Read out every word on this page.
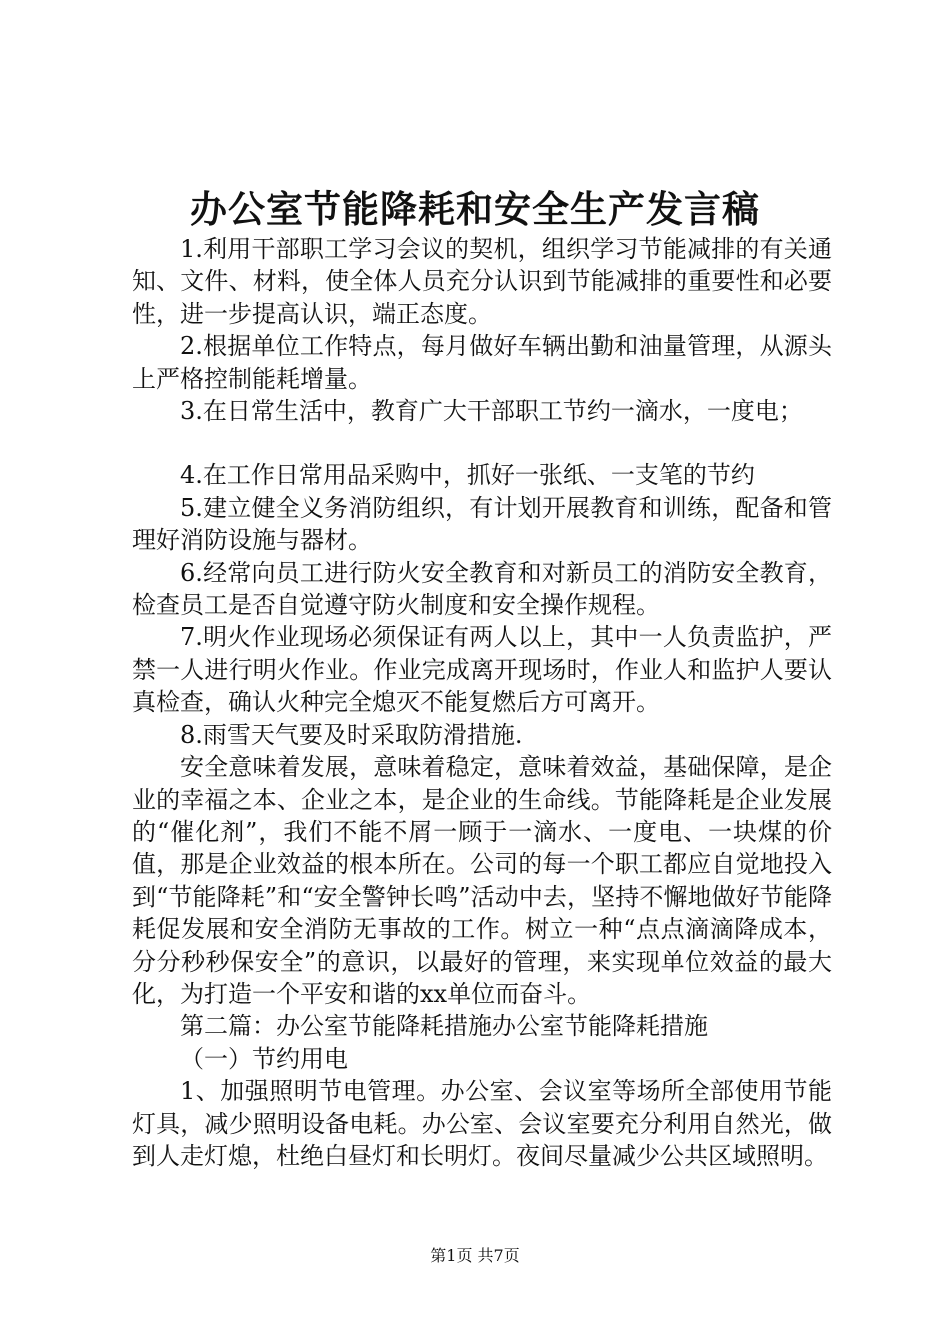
办公室节能降耗和安全生产发言稿

1.利用干部职工学习会议的契机，组织学习节能减排的有关通知、文件、材料，使全体人员充分认识到节能减排的重要性和必要性，进一步提高认识，端正态度。

2.根据单位工作特点，每月做好车辆出勤和油量管理，从源头上严格控制能耗增量。

3.在日常生活中，教育广大干部职工节约一滴水，一度电；

4.在工作日常用品采购中，抓好一张纸、一支笔的节约

5.建立健全义务消防组织，有计划开展教育和训练，配备和管理好消防设施与器材。

6.经常向员工进行防火安全教育和对新员工的消防安全教育，检查员工是否自觉遵守防火制度和安全操作规程。

7.明火作业现场必须保证有两人以上，其中一人负责监护，严禁一人进行明火作业。作业完成离开现场时，作业人和监护人要认真检查，确认火种完全熄灭不能复燃后方可离开。

8.雨雪天气要及时采取防滑措施.

安全意味着发展，意味着稳定，意味着效益，基础保障，是企业的幸福之本、企业之本，是企业的生命线。节能降耗是企业发展的“催化剂”，我们不能不屑一顾于一滴水、一度电、一块煤的价值，那是企业效益的根本所在。公司的每一个职工都应自觉地投入到“节能降耗”和“安全警钟长鸣”活动中去，坚持不懈地做好节能降耗促发展和安全消防无事故的工作。树立一种“点点滴滴降成本，分分秒秒保安全”的意识，以最好的管理，来实现单位效益的最大化，为打造一个平安和谐的xx单位而奋斗。

第二篇：办公室节能降耗措施办公室节能降耗措施

（一）节约用电

1、加强照明节电管理。办公室、会议室等场所全部使用节能灯具，减少照明设备电耗。办公室、会议室要充分利用自然光，做到人走灯熄，杜绝白昼灯和长明灯。夜间尽量减少公共区域照明。

第1页 共7页
